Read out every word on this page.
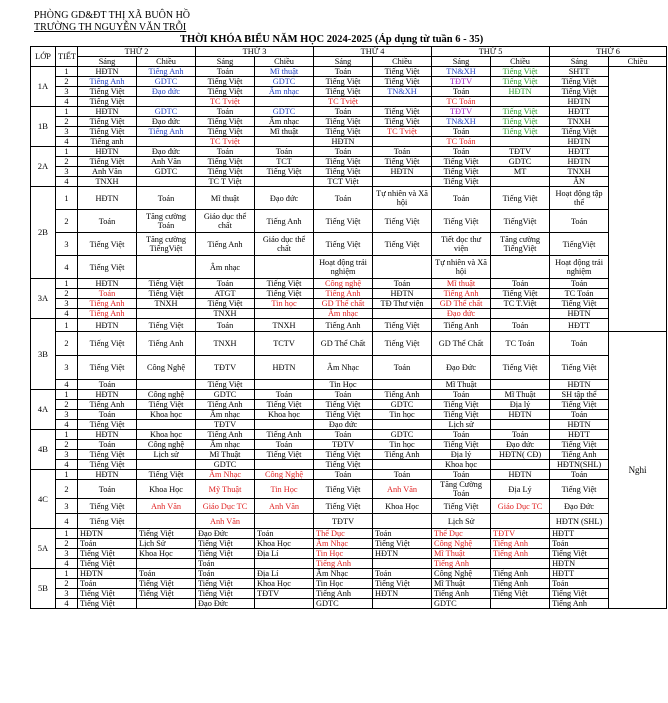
PHÒNG GD&ĐT THỊ XÃ BUÔN HỒ
TRƯỜNG TH NGUYỄN VĂN TRỖI
THỜI KHÓA BIỂU NĂM HỌC 2024-2025 (Áp dụng từ tuần 6 - 35)
LỚP	TIẾT	THỨ 2		THỨ 3		THỨ 4		THỨ 5		THỨ 6	
		Sáng	Chiều	Sáng	Chiều	Sáng	Chiều	Sáng	Chiều	Sáng	Chiều
1A	1	HĐTN	Tiếng Anh	Toán	Mĩ thuật	Toán	Tiếng Việt	TN&XH	Tiếng Việt	SHTT	
	2	Tiếng Anh	GDTC	Tiếng Việt	GDTC	Tiếng Việt	Tiếng Việt	TĐTV	Tiếng Việt	Tiếng Việt	
	3	Tiếng Việt	Đạo đức	Tiếng Việt	Âm nhạc	Tiếng Việt	TN&XH	Toán	HĐTN	Tiếng Việt	
	4	Tiếng Việt		TC Tviệt		TC Tviệt		TC Toán		HĐTN	
1B	1	HĐTN	GDTC	Toán	GDTC	Toán	Tiếng Việt	TĐTV	Tiếng Việt	HĐTT	
	2	Tiếng Việt	Đạo đức	Tiếng Việt	Âm nhạc	Tiếng Việt	Tiếng Việt	TN&XH	Tiếng Việt	TNXH	
	3	Tiếng Việt	Tiếng Anh	Tiếng Việt	Mĩ thuật	Tiếng Việt	TC Tviệt	Toán	Tiếng Việt	Tiếng Việt	
	4	Tiếng anh		TC Tviệt		HĐTN		TC Toán		HĐTN	
2A	1	HĐTN	Đạo đức	Toán	Toán	Toán	Toán	Toán	TĐTV	HĐTT	
	2	Tiếng Việt	Anh Văn	Tiếng Việt	TCT	Tiếng Việt	Tiếng Việt	Tiếng Việt	GDTC	HĐTN	
	3	Anh Văn	GDTC	Tiếng Việt	Tiếng Việt	Tiếng Việt	HĐTN	Tiếng Việt	MT	TNXH	
	4	TNXH		TC T Việt		TCT Việt		Tiếng Việt		ÂN	
2B	1	HĐTN	Toán	Mĩ thuật	Đạo đức	Toán	Tự nhiên và Xã hội	Toán	Tiếng Việt	Hoạt động tập thể	
	2	Toán	Tăng cường Toán	Giáo dục thể chất	Tiếng Anh	Tiếng Việt	Tiếng Việt	Tiếng Việt	TiếngViệt	Toán	
	3	Tiếng Việt	Tăng cường TiếngViệt	Tiếng Anh	Giáo dục thể chất	Tiếng Việt	Tiếng Việt	Tiết đọc thư viện	Tăng cường TiếngViệt	TiếngViệt	
	4	Tiếng Việt		Âm nhạc		Hoạt động trải nghiệm		Tự nhiên và Xã hội		Hoạt động trải nghiệm	
3A	1	HĐTN	Tiếng Việt	Toán	Tiếng Việt	Công nghệ	Toán	Mĩ thuật	Toán	Toán	
	2	Toán	Tiếng Việt	ATGT	Tiếng Việt	Tiếng Anh	HĐTN	Tiếng Anh	Tiếng Việt	TC Toán	
	3	Tiếng Anh	TNXH	Tiếng Việt	Tin học	GD Thể chất	TĐ Thư viện	GD Thể chất	TC T.Việt	Tiếng Việt	
	4	Tiếng Anh		TNXH		Âm nhạc		Đạo đức		HĐTN	
3B	1	HĐTN	Tiếng Việt	Toán	TNXH	Tiếng Anh	Tiếng Việt	Tiếng Anh	Toán	HĐTT	
	2	Tiếng Việt	Tiếng Anh	TNXH	TCTV	GD Thể Chất	Tiếng Việt	GD Thể Chất	TC Toán	Toán	Nghỉ
	3	Tiếng Việt	Công Nghệ	TĐTV	HĐTN	Âm Nhạc	Toán	Đạo Đức	Tiếng Việt	Tiếng Việt	
	4	Toán		Tiếng Việt		Tin Học		Mĩ Thuật		HĐTN	
4A	1	HĐTN	Công nghệ	GDTC	Toán	Toán	Tiếng Anh	Toán	Mĩ Thuật	SH tập thể	
	2	Tiếng Anh	Tiếng Việt	Tiếng Anh	Tiếng Việt	Tiếng Việt	GDTC	Tiếng Việt	Địa lý	Tiếng Việt	
	3	Toán	Khoa học	Âm nhạc	Khoa học	Tiếng Việt	Tin học	Tiếng Việt	HĐTN	Toán	
	4	Tiếng Việt		TĐTV		Đạo đức		Lịch sử		HĐTN	
4B	1	HĐTN	Khoa học	Tiếng Anh	Tiếng Anh	Toán	GDTC	Toán	Toán	HĐTT	
	2	Toán	Công nghệ	Âm nhạc	Toán	TĐTV	Tin học	Tiếng Việt	Đạo đức	Tiếng Việt	
	3	Tiếng Việt	Lịch sử	Mĩ Thuật	Tiếng Việt	Tiếng Việt	Tiếng Anh	Địa lý	HĐTN( CĐ)	Tiếng Anh	
	4	Tiếng Việt		GDTC		Tiếng Việt		Khoa học		HĐTN(SHL)	
4C	1	HĐTN	Tiếng Việt	Âm Nhạc	Công Nghệ	Toán	Toán	Toán	HĐTN	Toán	
	2	Toán	Khoa Học	Mỹ Thuật	Tin Học	Tiếng Việt	Anh Văn	Tăng Cường Toán	Địa Lý	Tiếng Việt	
	3	Tiếng Việt	Anh Văn	Giáo Dục TC	Anh Văn	Tiếng Việt	Khoa Học	Tiếng Việt	Giáo Dục TC	Đạo Đức	
	4	Tiếng Việt		Anh Văn		TĐTV		Lịch Sử		HĐTN (SHL)	
5A	1	HĐTN	Tiếng Việt	Đạo Đức	Toán	Thể Dục	Toán	Thể Dục	TĐTV	HĐTT	
	2	Toán	Lịch Sử	Tiếng Việt	Khoa Học	Âm Nhạc	Tiếng Việt	Công Nghệ	Tiếng Anh	Toán	
	3	Tiếng Việt	Khoa Học	Tiếng Việt	Địa Lí	Tin Học	HĐTN	Mĩ Thuật	Tiếng Anh	Tiếng Việt	
	4	Tiếng Việt		Toán		Tiếng Anh		Tiếng Anh		HĐTN	
5B	1	HĐTN	Toán	Toán	Địa Lí	Âm Nhạc	Toán	Công Nghệ	Tiếng Anh	HĐTT	
	2	Toán	Tiếng Việt	Tiếng Việt	Khoa Học	Tin Học	Tiếng Việt	Mĩ Thuật	Tiếng Anh	Toán	
	3	Tiếng Việt	Tiếng Việt	Tiếng Việt	TĐTV	Tiếng Anh	HĐTN	Tiếng Anh	Tiếng Việt	Tiếng Việt	
	4	Tiếng Việt		Đạo Đức		GDTC		GDTC		Tiếng Anh	
